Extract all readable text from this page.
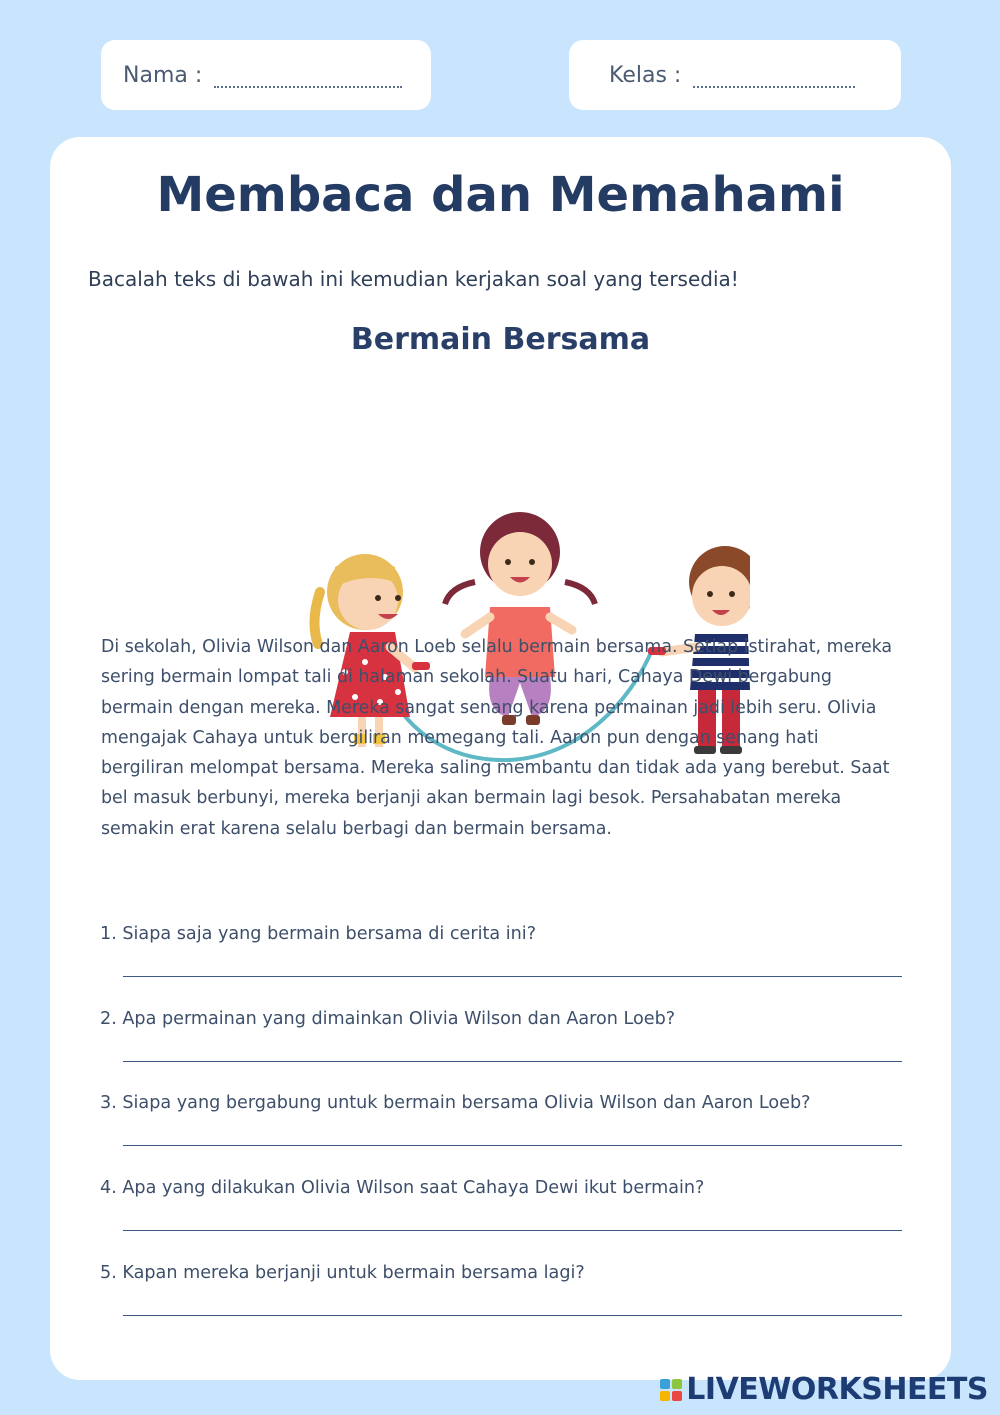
Nama :	Kelas :
Membaca dan Memahami
Bacalah teks di bawah ini kemudian kerjakan soal yang tersedia!
Bermain Bersama
Di sekolah, Olivia Wilson dan Aaron Loeb selalu bermain bersama. Setiap istirahat, mereka sering bermain lompat tali di halaman sekolah. Suatu hari, Cahaya Dewi bergabung bermain dengan mereka. Mereka sangat senang karena permainan jadi lebih seru. Olivia mengajak Cahaya untuk bergiliran memegang tali. Aaron pun dengan senang hati bergiliran melompat bersama. Mereka saling membantu dan tidak ada yang berebut. Saat bel masuk berbunyi, mereka berjanji akan bermain lagi besok. Persahabatan mereka semakin erat karena selalu berbagi dan bermain bersama.
1. Siapa saja yang bermain bersama di cerita ini?
2. Apa permainan yang dimainkan Olivia Wilson dan Aaron Loeb?
3. Siapa yang bergabung untuk bermain bersama Olivia Wilson dan Aaron Loeb?
4. Apa yang dilakukan Olivia Wilson saat Cahaya Dewi ikut bermain?
5. Kapan mereka berjanji untuk bermain bersama lagi?
LIVEWORKSHEETS
